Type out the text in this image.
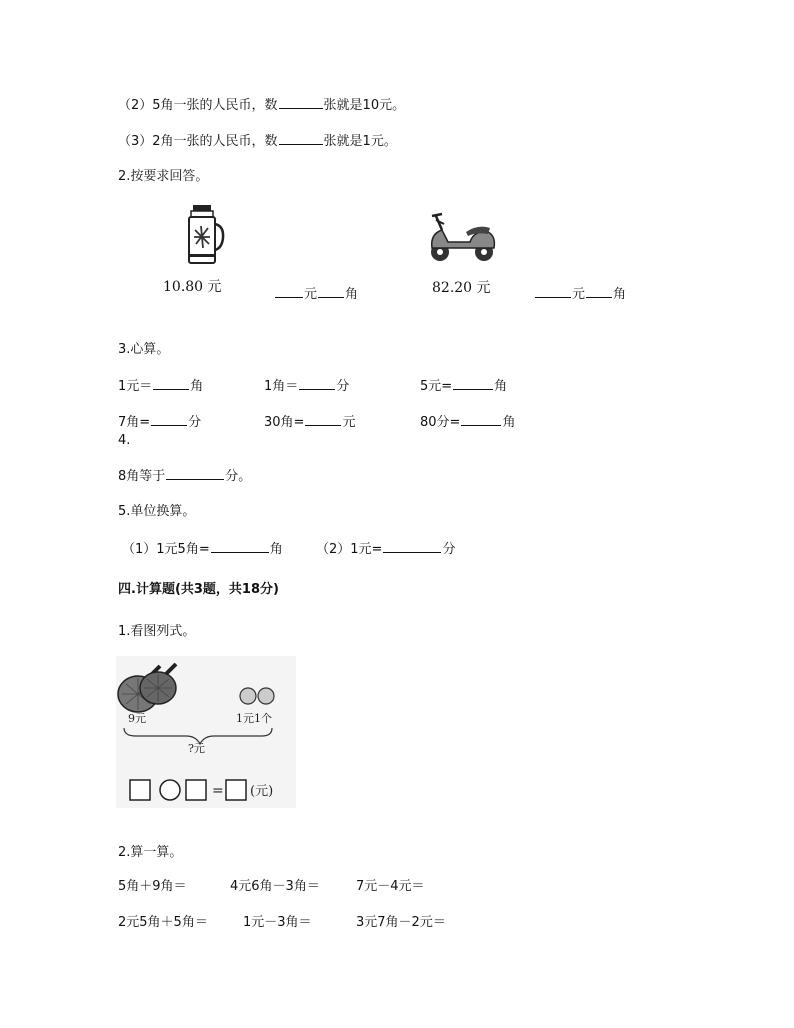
（2）5角一张的人民币，数	张就是10元。
（3）2角一张的人民币，数	张就是1元。
2.按要求回答。
10.80 元	元 角	82.20 元	元 角
3.心算。
1元＝	角	1角＝	分	5元=	角
7角=	分	30角=	元	80分=	角
4.
8角等于	分。
5.单位换算。
（1）1元5角=	角	（2）1元=	分
四.计算题(共3题，共18分)
1.看图列式。
9元	1元1个
?元
= (元)
2.算一算。
5角＋9角＝	4元6角－3角＝	7元－4元＝
2元5角＋5角＝	1元－3角＝	3元7角－2元＝
